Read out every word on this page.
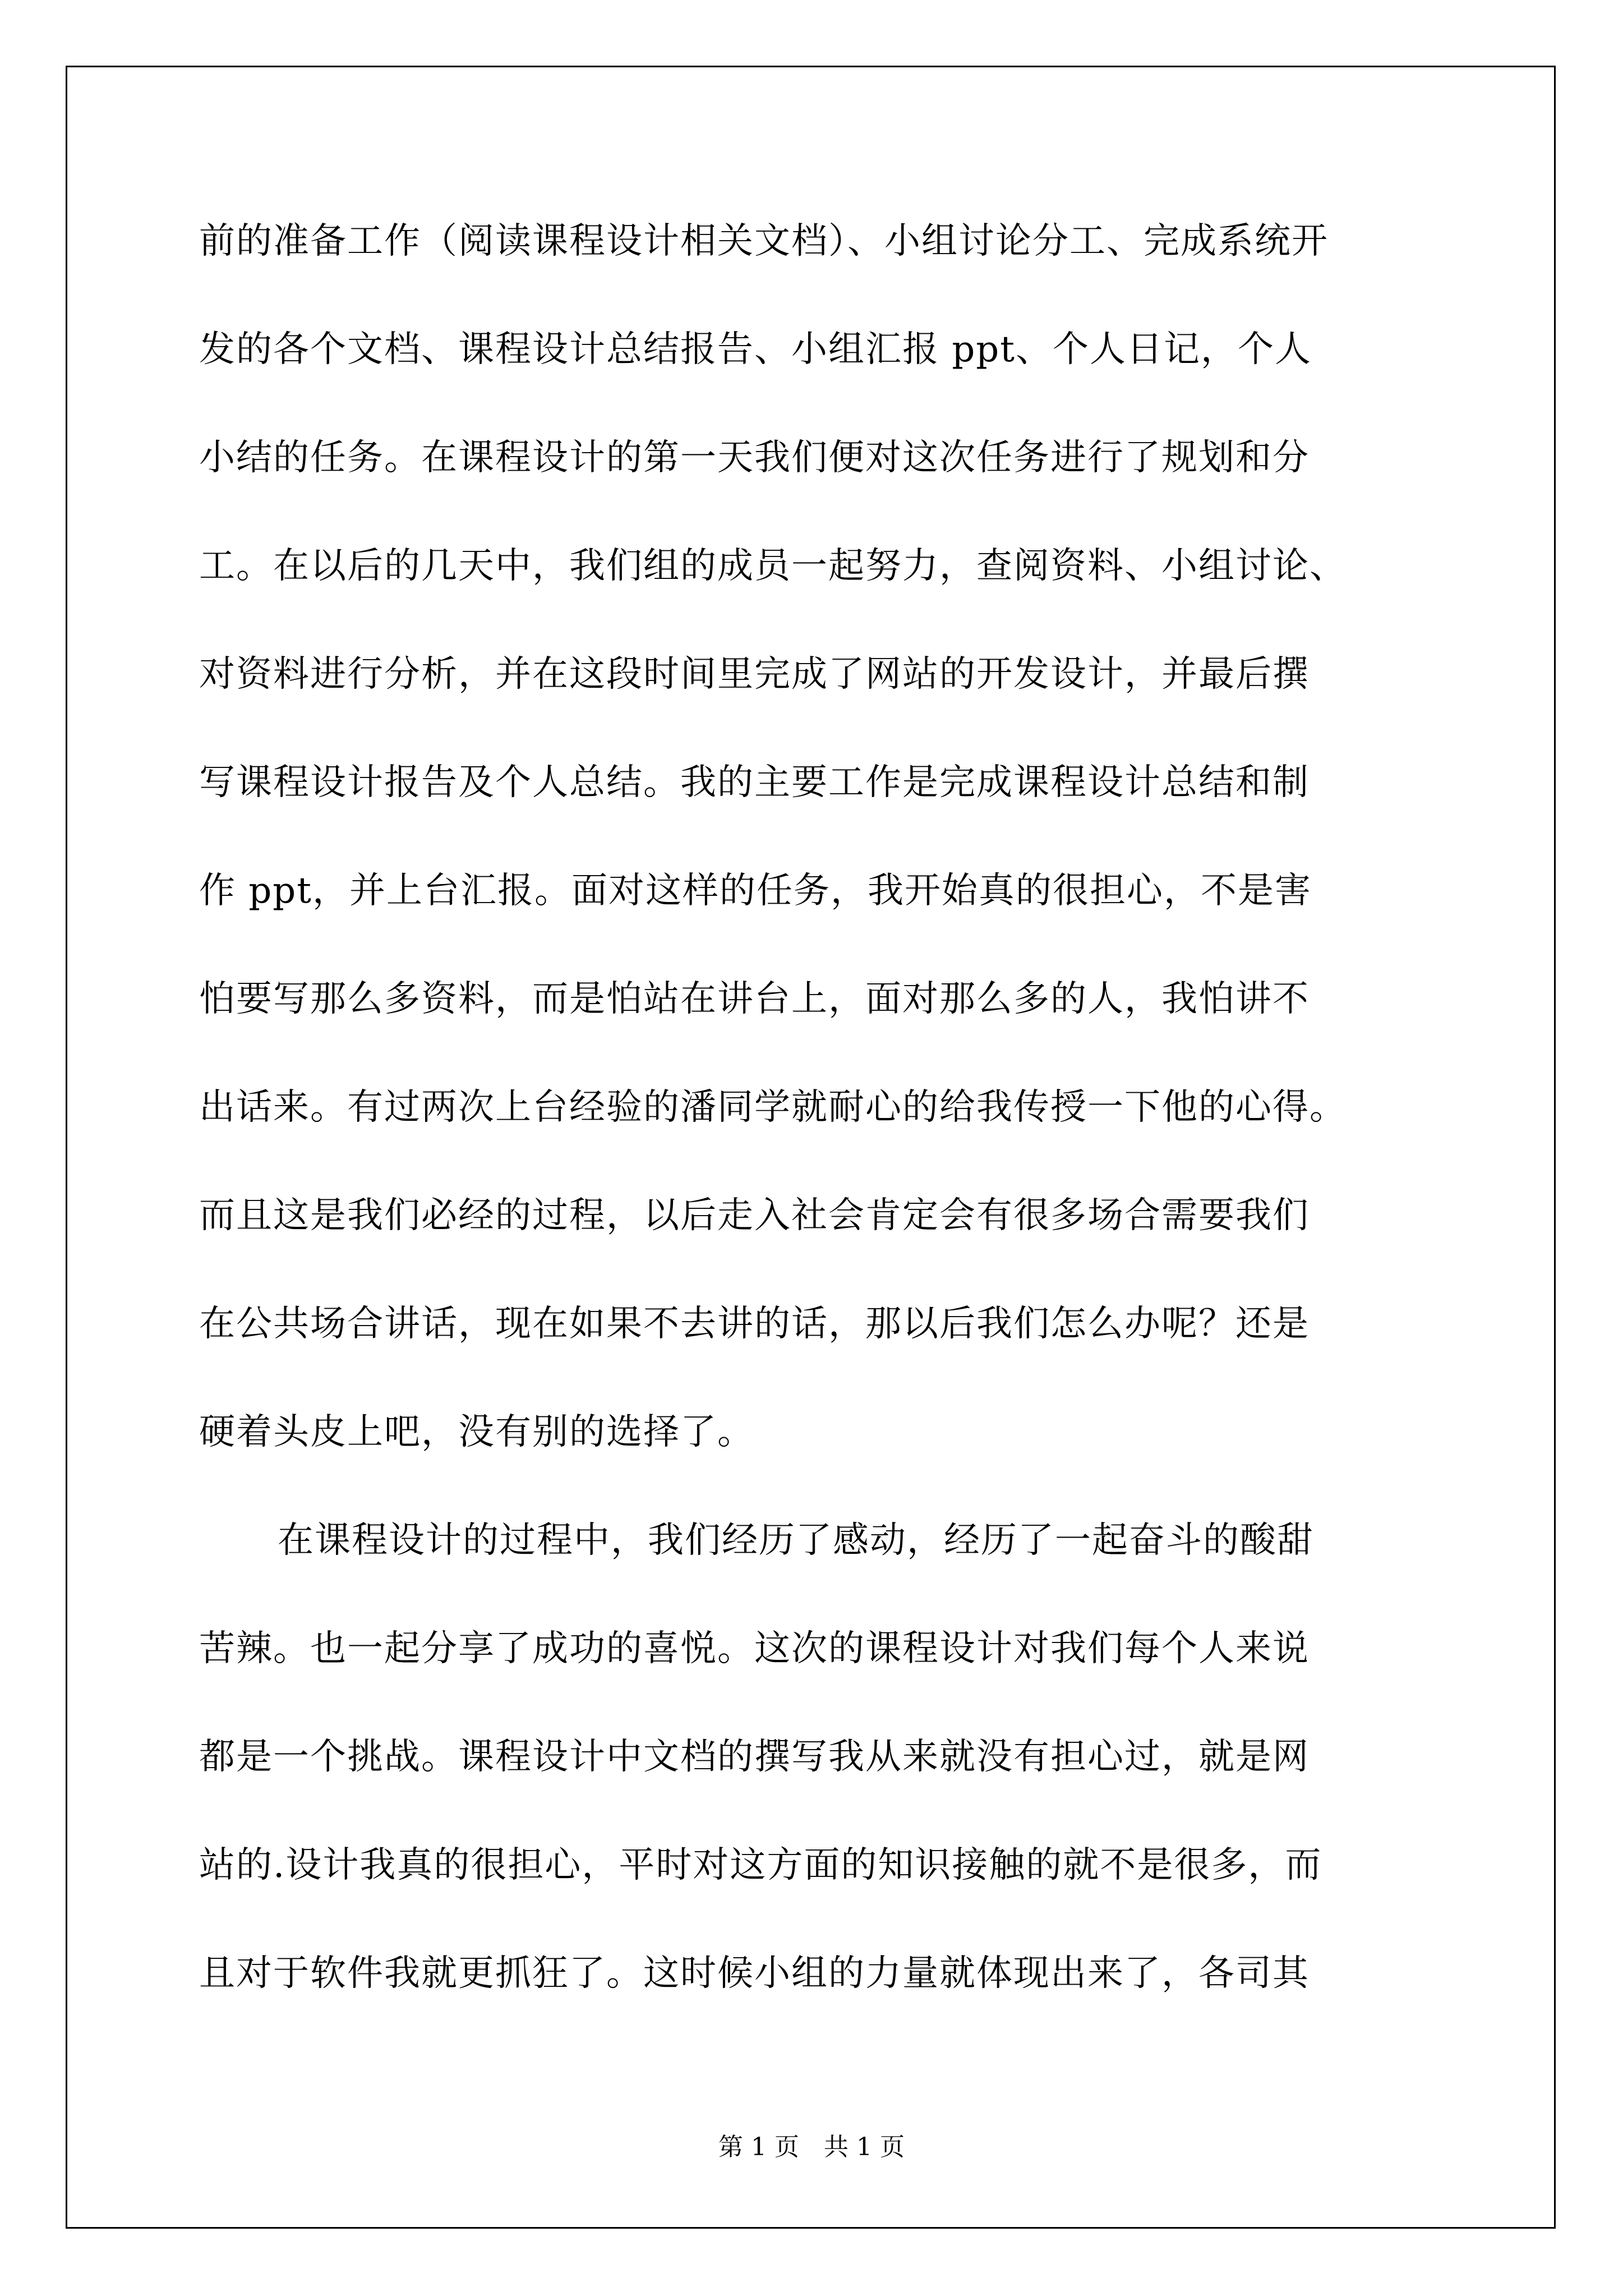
前的准备工作（阅读课程设计相关文档）、小组讨论分工、完成系统开
发的各个文档、课程设计总结报告、小组汇报 ppt、个人日记，个人
小结的任务。在课程设计的第一天我们便对这次任务进行了规划和分
工。在以后的几天中，我们组的成员一起努力，查阅资料、小组讨论、
对资料进行分析，并在这段时间里完成了网站的开发设计，并最后撰
写课程设计报告及个人总结。我的主要工作是完成课程设计总结和制
作 ppt，并上台汇报。面对这样的任务，我开始真的很担心，不是害
怕要写那么多资料，而是怕站在讲台上，面对那么多的人，我怕讲不
出话来。有过两次上台经验的潘同学就耐心的给我传授一下他的心得。
而且这是我们必经的过程，以后走入社会肯定会有很多场合需要我们
在公共场合讲话，现在如果不去讲的话，那以后我们怎么办呢？还是
硬着头皮上吧，没有别的选择了。
在课程设计的过程中，我们经历了感动，经历了一起奋斗的酸甜
苦辣。也一起分享了成功的喜悦。这次的课程设计对我们每个人来说
都是一个挑战。课程设计中文档的撰写我从来就没有担心过，就是网
站的.设计我真的很担心，平时对这方面的知识接触的就不是很多，而
且对于软件我就更抓狂了。这时候小组的力量就体现出来了，各司其
第 1 页 共 1 页
